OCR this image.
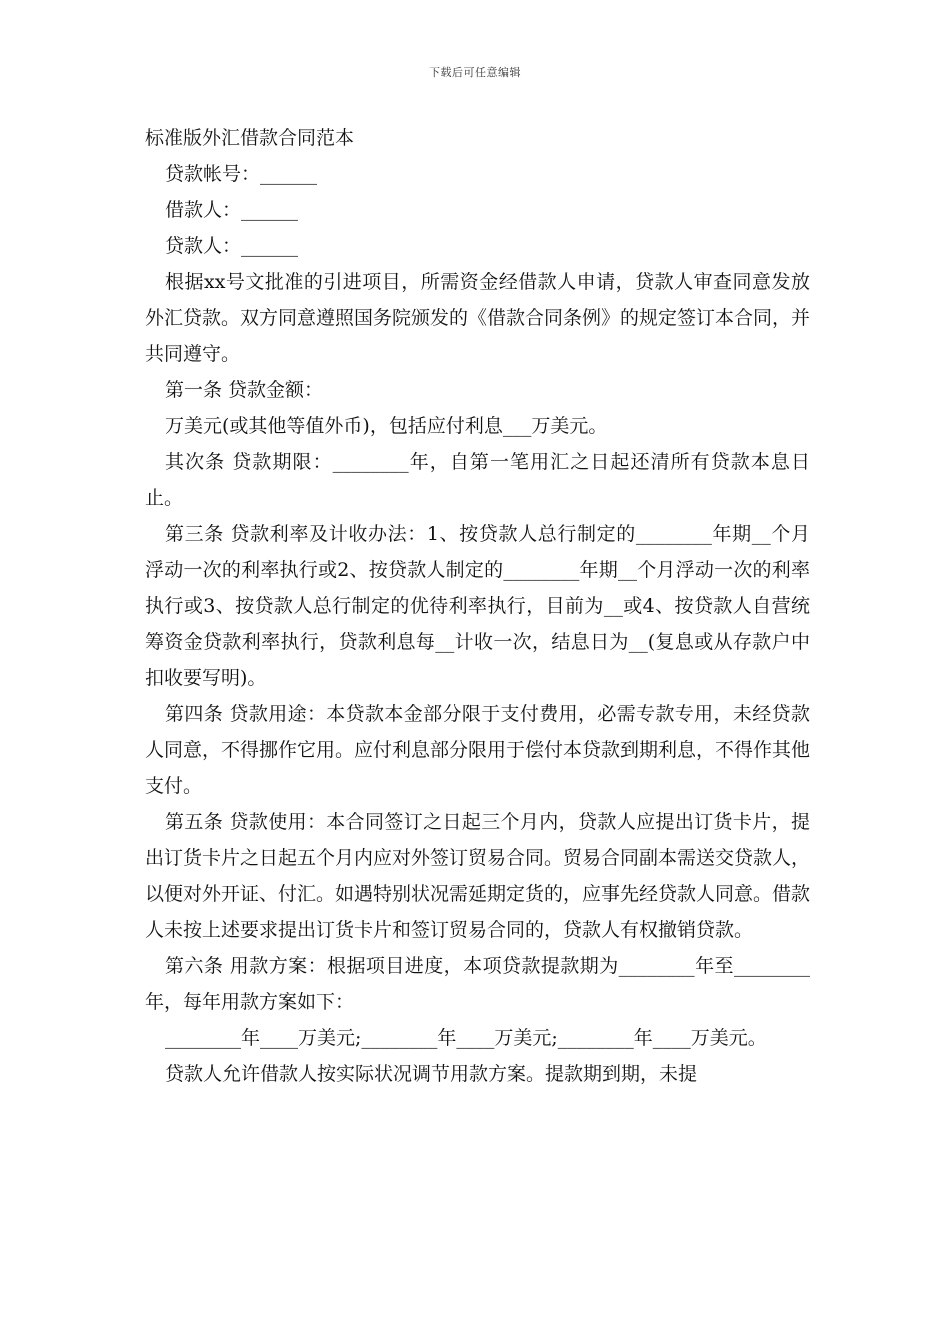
下载后可任意编辑
标准版外汇借款合同范本

贷款帐号：______

借款人：______

贷款人：______

根据xx号文批准的引进项目，所需资金经借款人申请，贷款人审查同意发放外汇贷款。双方同意遵照国务院颁发的《借款合同条例》的规定签订本合同，并共同遵守。

第一条 贷款金额：

万美元(或其他等值外币)，包括应付利息___万美元。

其次条 贷款期限：________年，自第一笔用汇之日起还清所有贷款本息日止。

第三条 贷款利率及计收办法：1、按贷款人总行制定的________年期__个月浮动一次的利率执行或2、按贷款人制定的________年期__个月浮动一次的利率执行或3、按贷款人总行制定的优待利率执行，目前为__或4、按贷款人自营统筹资金贷款利率执行，贷款利息每__计收一次，结息日为__(复息或从存款户中扣收要写明)。

第四条 贷款用途：本贷款本金部分限于支付费用，必需专款专用，未经贷款人同意，不得挪作它用。应付利息部分限用于偿付本贷款到期利息，不得作其他支付。

第五条 贷款使用：本合同签订之日起三个月内，贷款人应提出订货卡片，提出订货卡片之日起五个月内应对外签订贸易合同。贸易合同副本需送交贷款人，以便对外开证、付汇。如遇特别状况需延期定货的，应事先经贷款人同意。借款人未按上述要求提出订货卡片和签订贸易合同的，贷款人有权撤销贷款。

第六条 用款方案：根据项目进度，本项贷款提款期为________年至________年，每年用款方案如下：

________年____万美元;________年____万美元;________年____万美元。

贷款人允许借款人按实际状况调节用款方案。提款期到期，未提
